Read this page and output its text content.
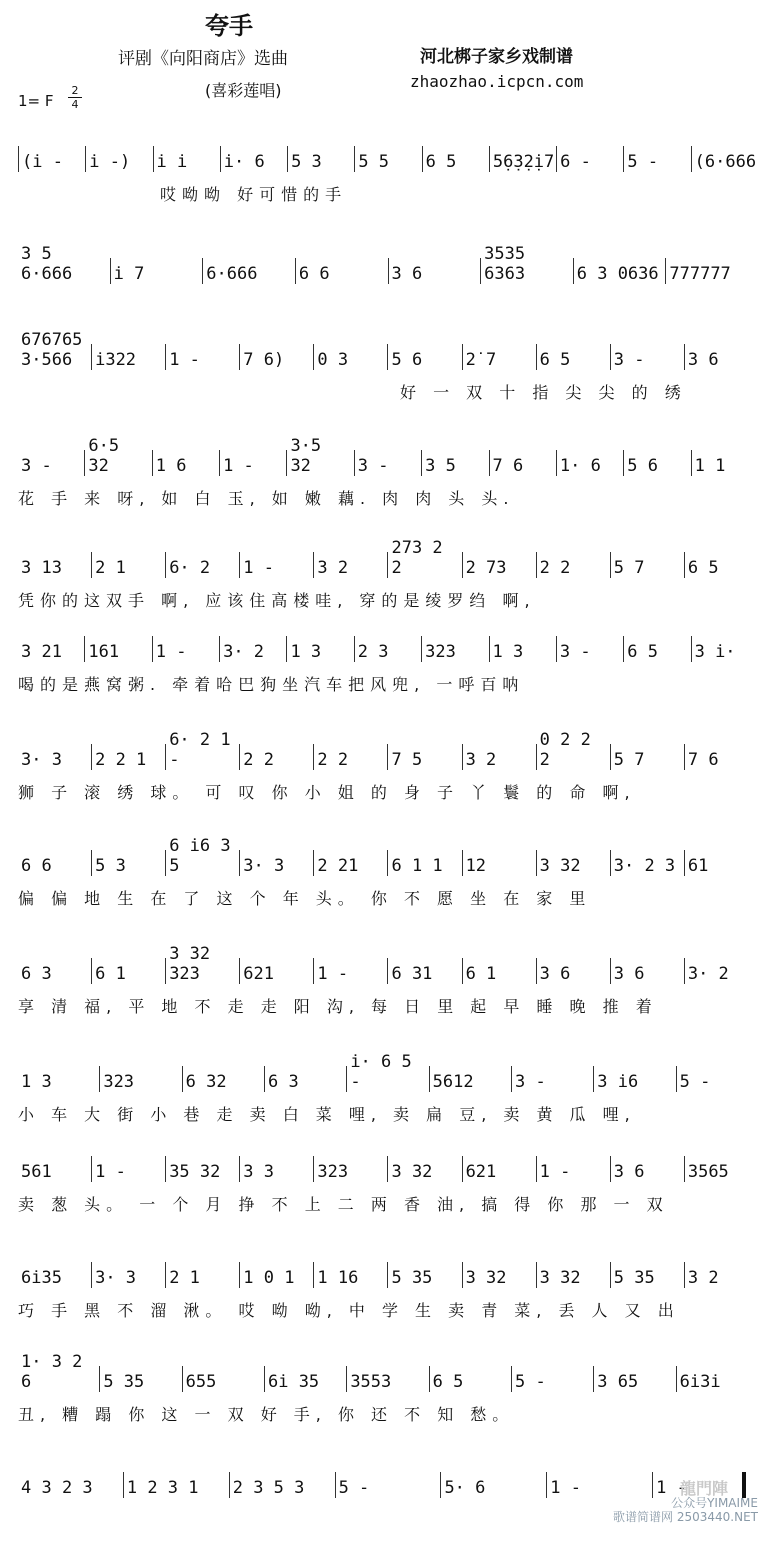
夸手
评剧《向阳商店》选曲	河北梆子家乡戏制谱
zhaozhao.icpcn.com
(喜彩莲唱)
1= F
2
4
(i̇ -	i̇ -)	i̇ i̇	i̇· 6	5 3	5 5	6 5	5̣6̣3̣2̣i̇7̣ 6 -	5 -	(6·666
哎呦呦 好可惜的手
3 5 6·666	i̇ 7	6·666	6 6	3 6
3535 6363	6 3 0636 777777
676765 3·566	i̇322	1 -	7 6)	0 3	5 6	2̇ 7	6 5	3 -	3 6
好 一 双 十 指 尖 尖 的 绣
3 -
6·5 32	1 6	1 -
3·5 32	3 -	3 5	7 6	1· 6	5 6	1 1
花 手 来 呀, 如 白 玉, 如 嫩 藕. 肉 肉 头 头.
3 13	2 1	6· 2	1 -	3 2
273 2 2	2 73	2 2	5 7	6 5
凭你的这双手 啊, 应该住高楼哇, 穿的是绫罗绉 啊,
3 21	161	1 -	3· 2	1 3	2 3	323	1 3	3 -	6 5	3 i̇·
喝的是燕窝粥. 牵着哈巴狗坐汽车把风兜, 一呼百呐
3· 3	2 2 1
6· 2 1 -	2 2	2 2	7 5	3 2
0 2 2 2	5 7	7 6
狮 子 滚 绣 球。 可 叹 你 小 姐 的 身 子 丫 鬟 的 命 啊,
6 6	5 3
6 i̇6 3 5	3· 3	2 21	6 1 1	12	3 32	3· 2 3 61
偏 偏 地 生 在 了 这 个 年 头。 你 不 愿 坐 在 家 里
6 3	6 1
3 32 323	621	1 -	6 31	6 1	3 6	3 6	3· 2
享 清 福, 平 地 不 走 走 阳 沟, 每 日 里 起 早 睡 晚 推 着
1 3	323	6 32	6 3
i̇· 6 5 -	5612	3 -	3 i̇6	5 -
小 车 大 街 小 巷 走 卖 白 菜 哩, 卖 扁 豆, 卖 黄 瓜 哩,
561	1 -	35 32	3 3	323	3 32	621	1 -	3 6	3565
卖 葱 头。 一 个 月 挣 不 上 二 两 香 油, 搞 得 你 那 一 双
6i̇35	3· 3	2 1	1 0 1	1 16	5 35	3 32	3 32	5 35	3 2
巧 手 黑 不 溜 湫。 哎 呦 呦, 中 学 生 卖 青 菜, 丢 人 又 出
1· 3 2 6	5 35	655	6i̇ 35	3553	6 5	5 -	3 65	6i̇3i̇
丑, 糟 蹋 你 这 一 双 好 手, 你 还 不 知 愁。
4 3 2 3	1 2 3 1	2 3 5 3	5 -	5· 6	1 -	1 -
龍門陣
公众号YIMAIME
歌谱简谱网 2503440.NET
